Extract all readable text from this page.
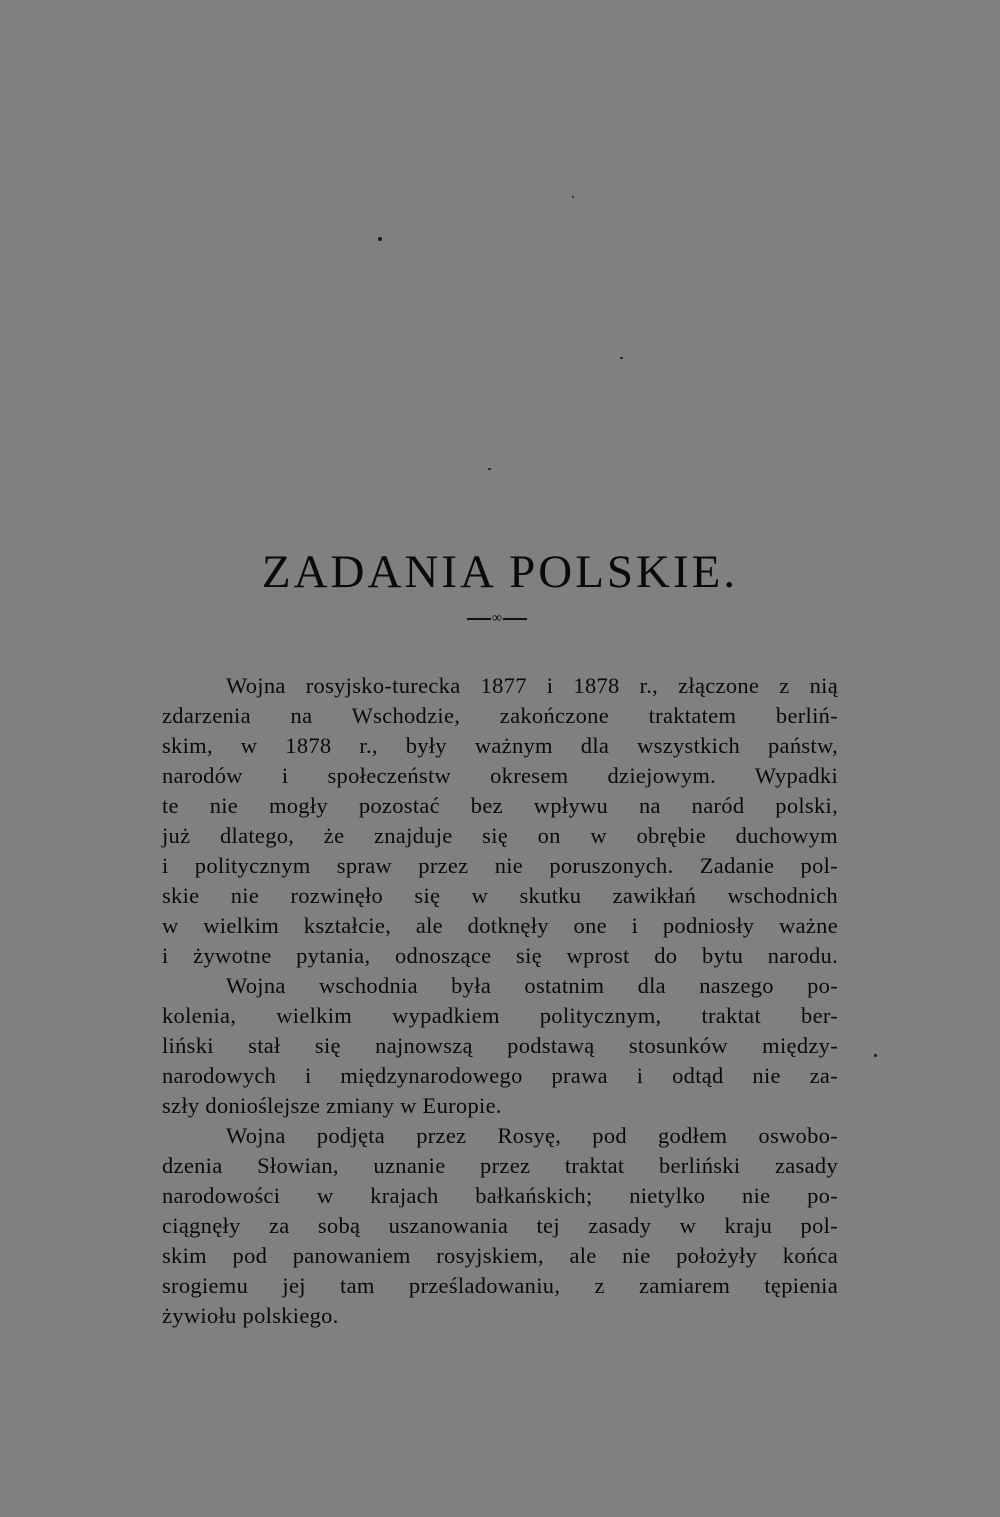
ZADANIA POLSKIE.
∞
Wojna rosyjsko-turecka 1877 i 1878 r., złączone z nią
zdarzenia na Wschodzie, zakończone traktatem berliń-
skim, w 1878 r., były ważnym dla wszystkich państw,
narodów i społeczeństw okresem dziejowym. Wypadki
te nie mogły pozostać bez wpływu na naród polski,
już dlatego, że znajduje się on w obrębie duchowym
i politycznym spraw przez nie poruszonych. Zadanie pol-
skie nie rozwinęło się w skutku zawikłań wschodnich
w wielkim kształcie, ale dotknęły one i podniosły ważne
i żywotne pytania, odnoszące się wprost do bytu narodu.
Wojna wschodnia była ostatnim dla naszego po-
kolenia, wielkim wypadkiem politycznym, traktat ber-
liński stał się najnowszą podstawą stosunków między-
narodowych i międzynarodowego prawa i odtąd nie za-
szły donioślejsze zmiany w Europie.
Wojna podjęta przez Rosyę, pod godłem oswobo-
dzenia Słowian, uznanie przez traktat berliński zasady
narodowości w krajach bałkańskich; nietylko nie po-
ciągnęły za sobą uszanowania tej zasady w kraju pol-
skim pod panowaniem rosyjskiem, ale nie położyły końca
srogiemu jej tam prześladowaniu, z zamiarem tępienia
żywiołu polskiego.
